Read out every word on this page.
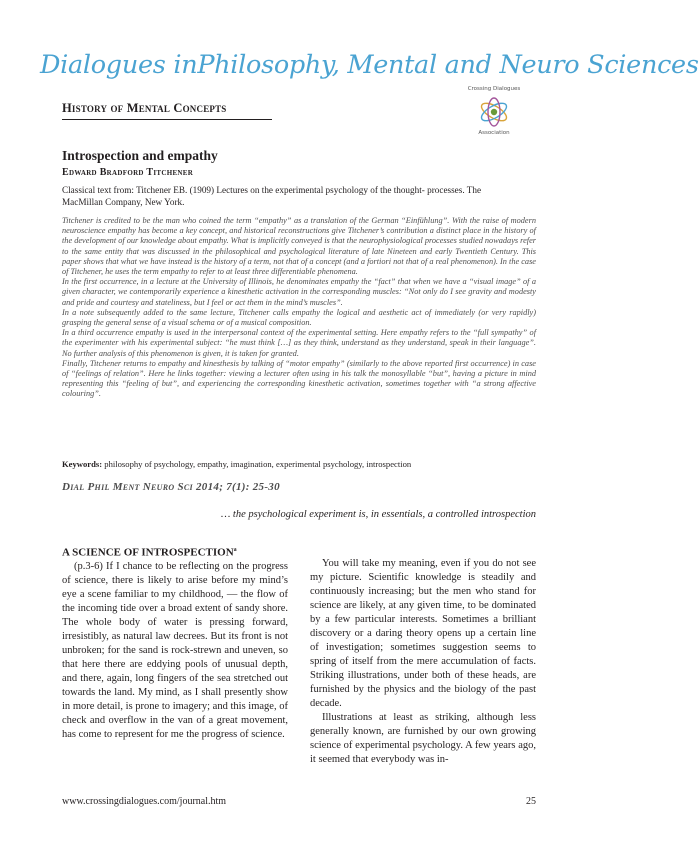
Dialogues inPhilosophy, Mental and Neuro Sciences
History of Mental Concepts
Crossing Dialogues
Association
Introspection and empathy
Edward Bradford Titchener
Classical text from: Titchener EB. (1909) Lectures on the experimental psychology of the thought- processes. The
MacMillan Company, New York.

Titchener is credited to be the man who coined the term “empathy” as a translation of the German “Einfühlung”. With the raise of modern neuroscience empathy has become a key concept, and historical reconstructions give Titchener’s contribution a distinct place in the history of the development of our knowledge about empathy. What is implicitly conveyed is that the neurophysiological processes studied nowadays refer to the same entity that was discussed in the philosophical and psychological literature of late Nineteen and early Twentieth Century. This paper shows that what we have instead is the history of a term, not that of a concept (and a fortiori not that of a real phenomenon). In the case of Titchener, he uses the term empathy to refer to at least three differentiable phenomena.

In the first occurrence, in a lecture at the University of Illinois, he denominates empathy the “fact” that when we have a “visual image” of a given character, we contemporarily experience a kinesthetic activation in the corresponding muscles: “Not only do I see gravity and modesty and pride and courtesy and stateliness, but I feel or act them in the mind’s muscles”.

In a note subsequently added to the same lecture, Titchener calls empathy the logical and aesthetic act of immediately (or very rapidly) grasping the general sense of a visual schema or of a musical composition.

In a third occurrence empathy is used in the interpersonal context of the experimental setting. Here empathy refers to the “full sympathy” of the experimenter with his experimental subject: “he must think […] as they think, understand as they understand, speak in their language”. No further analysis of this phenomenon is given, it is taken for granted.

Finally, Titchener returns to empathy and kinesthesis by talking of “motor empathy” (similarly to the above reported first occurrence) in case of “feelings of relation”. Here he links together: viewing a lecturer often using in his talk the monosyllable “but”, having a picture in mind representing this “feeling of but”, and experiencing the corresponding kinesthetic activation, sometimes together with “a strong affective colouring”.

Keywords: philosophy of psychology, empathy, imagination, experimental psychology, introspection
Dial Phil Ment Neuro Sci 2014; 7(1): 25-30
… the psychological experiment is, in essentials, a controlled introspection
A SCIENCE OF INTROSPECTION$^a$

(p.3-6) If I chance to be reflecting on the progress of science, there is likely to arise before my mind’s eye a scene familiar to my childhood, — the flow of the incoming tide over a broad extent of sandy shore. The whole body of water is pressing forward, irresistibly, as natural law decrees. But its front is not unbroken; for the sand is rock-strewn and uneven, so that here there are eddying pools of unusual depth, and there, again, long fingers of the sea stretched out towards the land. My mind, as I shall presently show in more detail, is prone to imagery; and this image, of check and overflow in the van of a great movement, has come to represent for me the progress of science.

You will take my meaning, even if you do not see my picture. Scientific knowledge is steadily and continuously increasing; but the men who stand for science are likely, at any given time, to be dominated by a few particular interests. Sometimes a brilliant discovery or a daring theory opens up a certain line of investigation; sometimes suggestion seems to spring of itself from the mere accumulation of facts. Striking illustrations, under both of these heads, are furnished by the physics and the biology of the past decade.

Illustrations at least as striking, although less generally known, are furnished by our own growing science of experimental psychology. A few years ago, it seemed that everybody was in-

www.crossingdialogues.com/journal.htm	25
